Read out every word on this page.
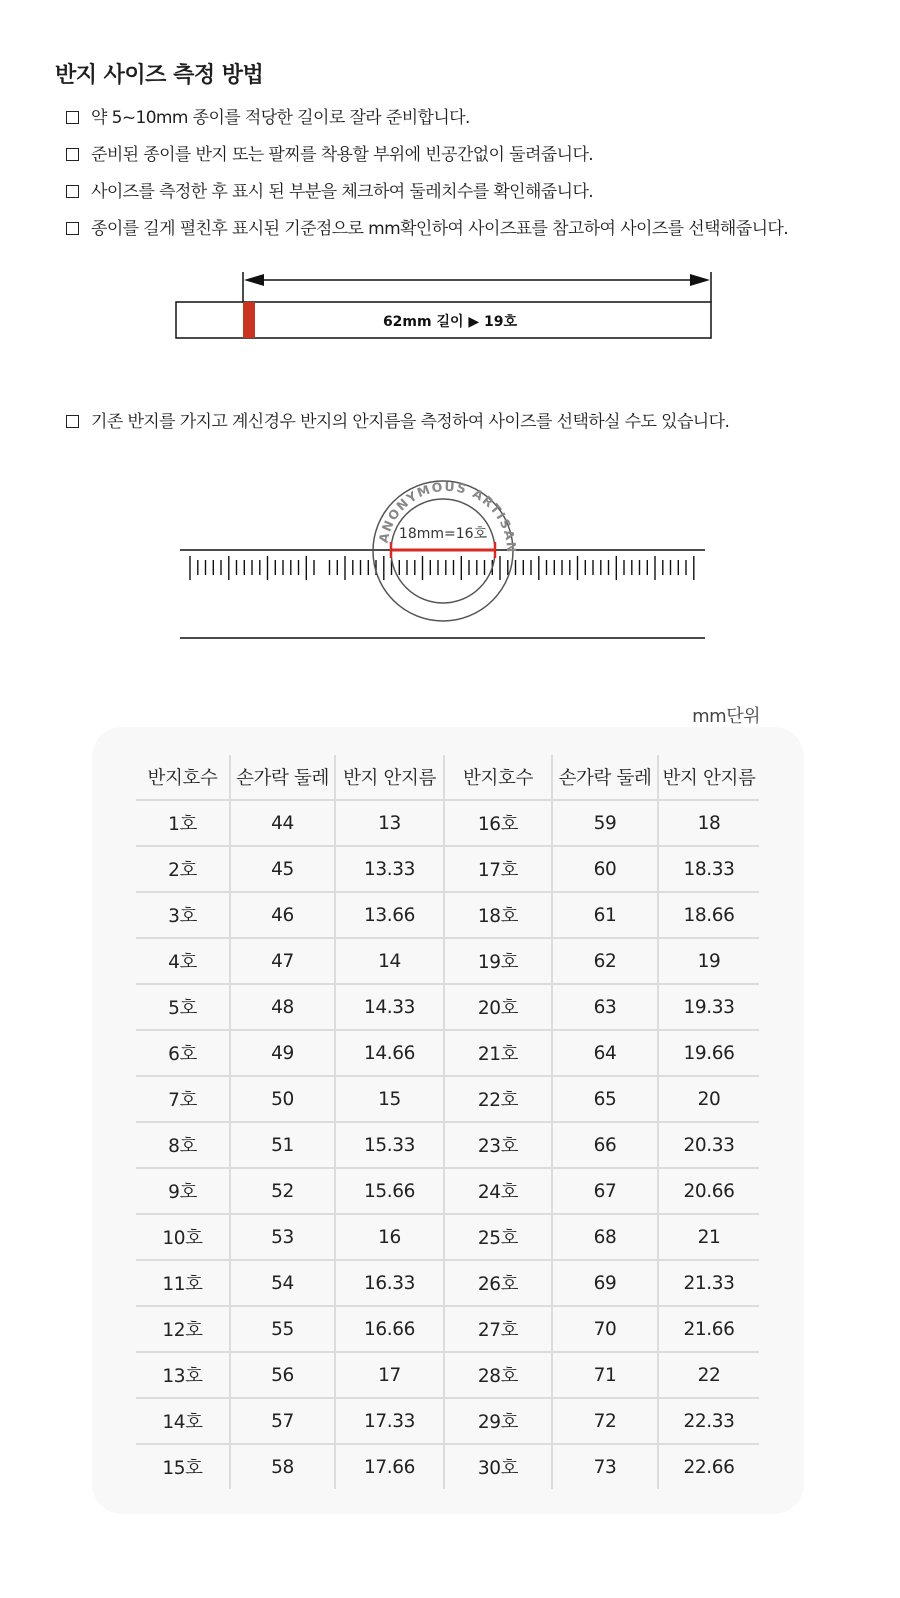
반지 사이즈 측정 방법
약 5~10mm 종이를 적당한 길이로 잘라 준비합니다.
준비된 종이를 반지 또는 팔찌를 착용할 부위에 빈공간없이 둘려줍니다.
사이즈를 측정한 후 표시 된 부분을 체크하여 둘레치수를 확인해줍니다.
종이를 길게 펼친후 표시된 기준점으로 mm확인하여 사이즈표를 참고하여 사이즈를 선택해줍니다.
62mm 길이 ▶ 19호

기존 반지를 가지고 계신경우 반지의 안지름을 측정하여 사이즈를 선택하실 수도 있습니다.

ANONYMOUS ARTISAN
18mm=16호
mm단위
반지호수	손가락 둘레	반지 안지름	반지호수	손가락 둘레	반지 안지름
1호	44	13	16호	59	18
2호	45	13.33	17호	60	18.33
3호	46	13.66	18호	61	18.66
4호	47	14	19호	62	19
5호	48	14.33	20호	63	19.33
6호	49	14.66	21호	64	19.66
7호	50	15	22호	65	20
8호	51	15.33	23호	66	20.33
9호	52	15.66	24호	67	20.66
10호	53	16	25호	68	21
11호	54	16.33	26호	69	21.33
12호	55	16.66	27호	70	21.66
13호	56	17	28호	71	22
14호	57	17.33	29호	72	22.33
15호	58	17.66	30호	73	22.66
